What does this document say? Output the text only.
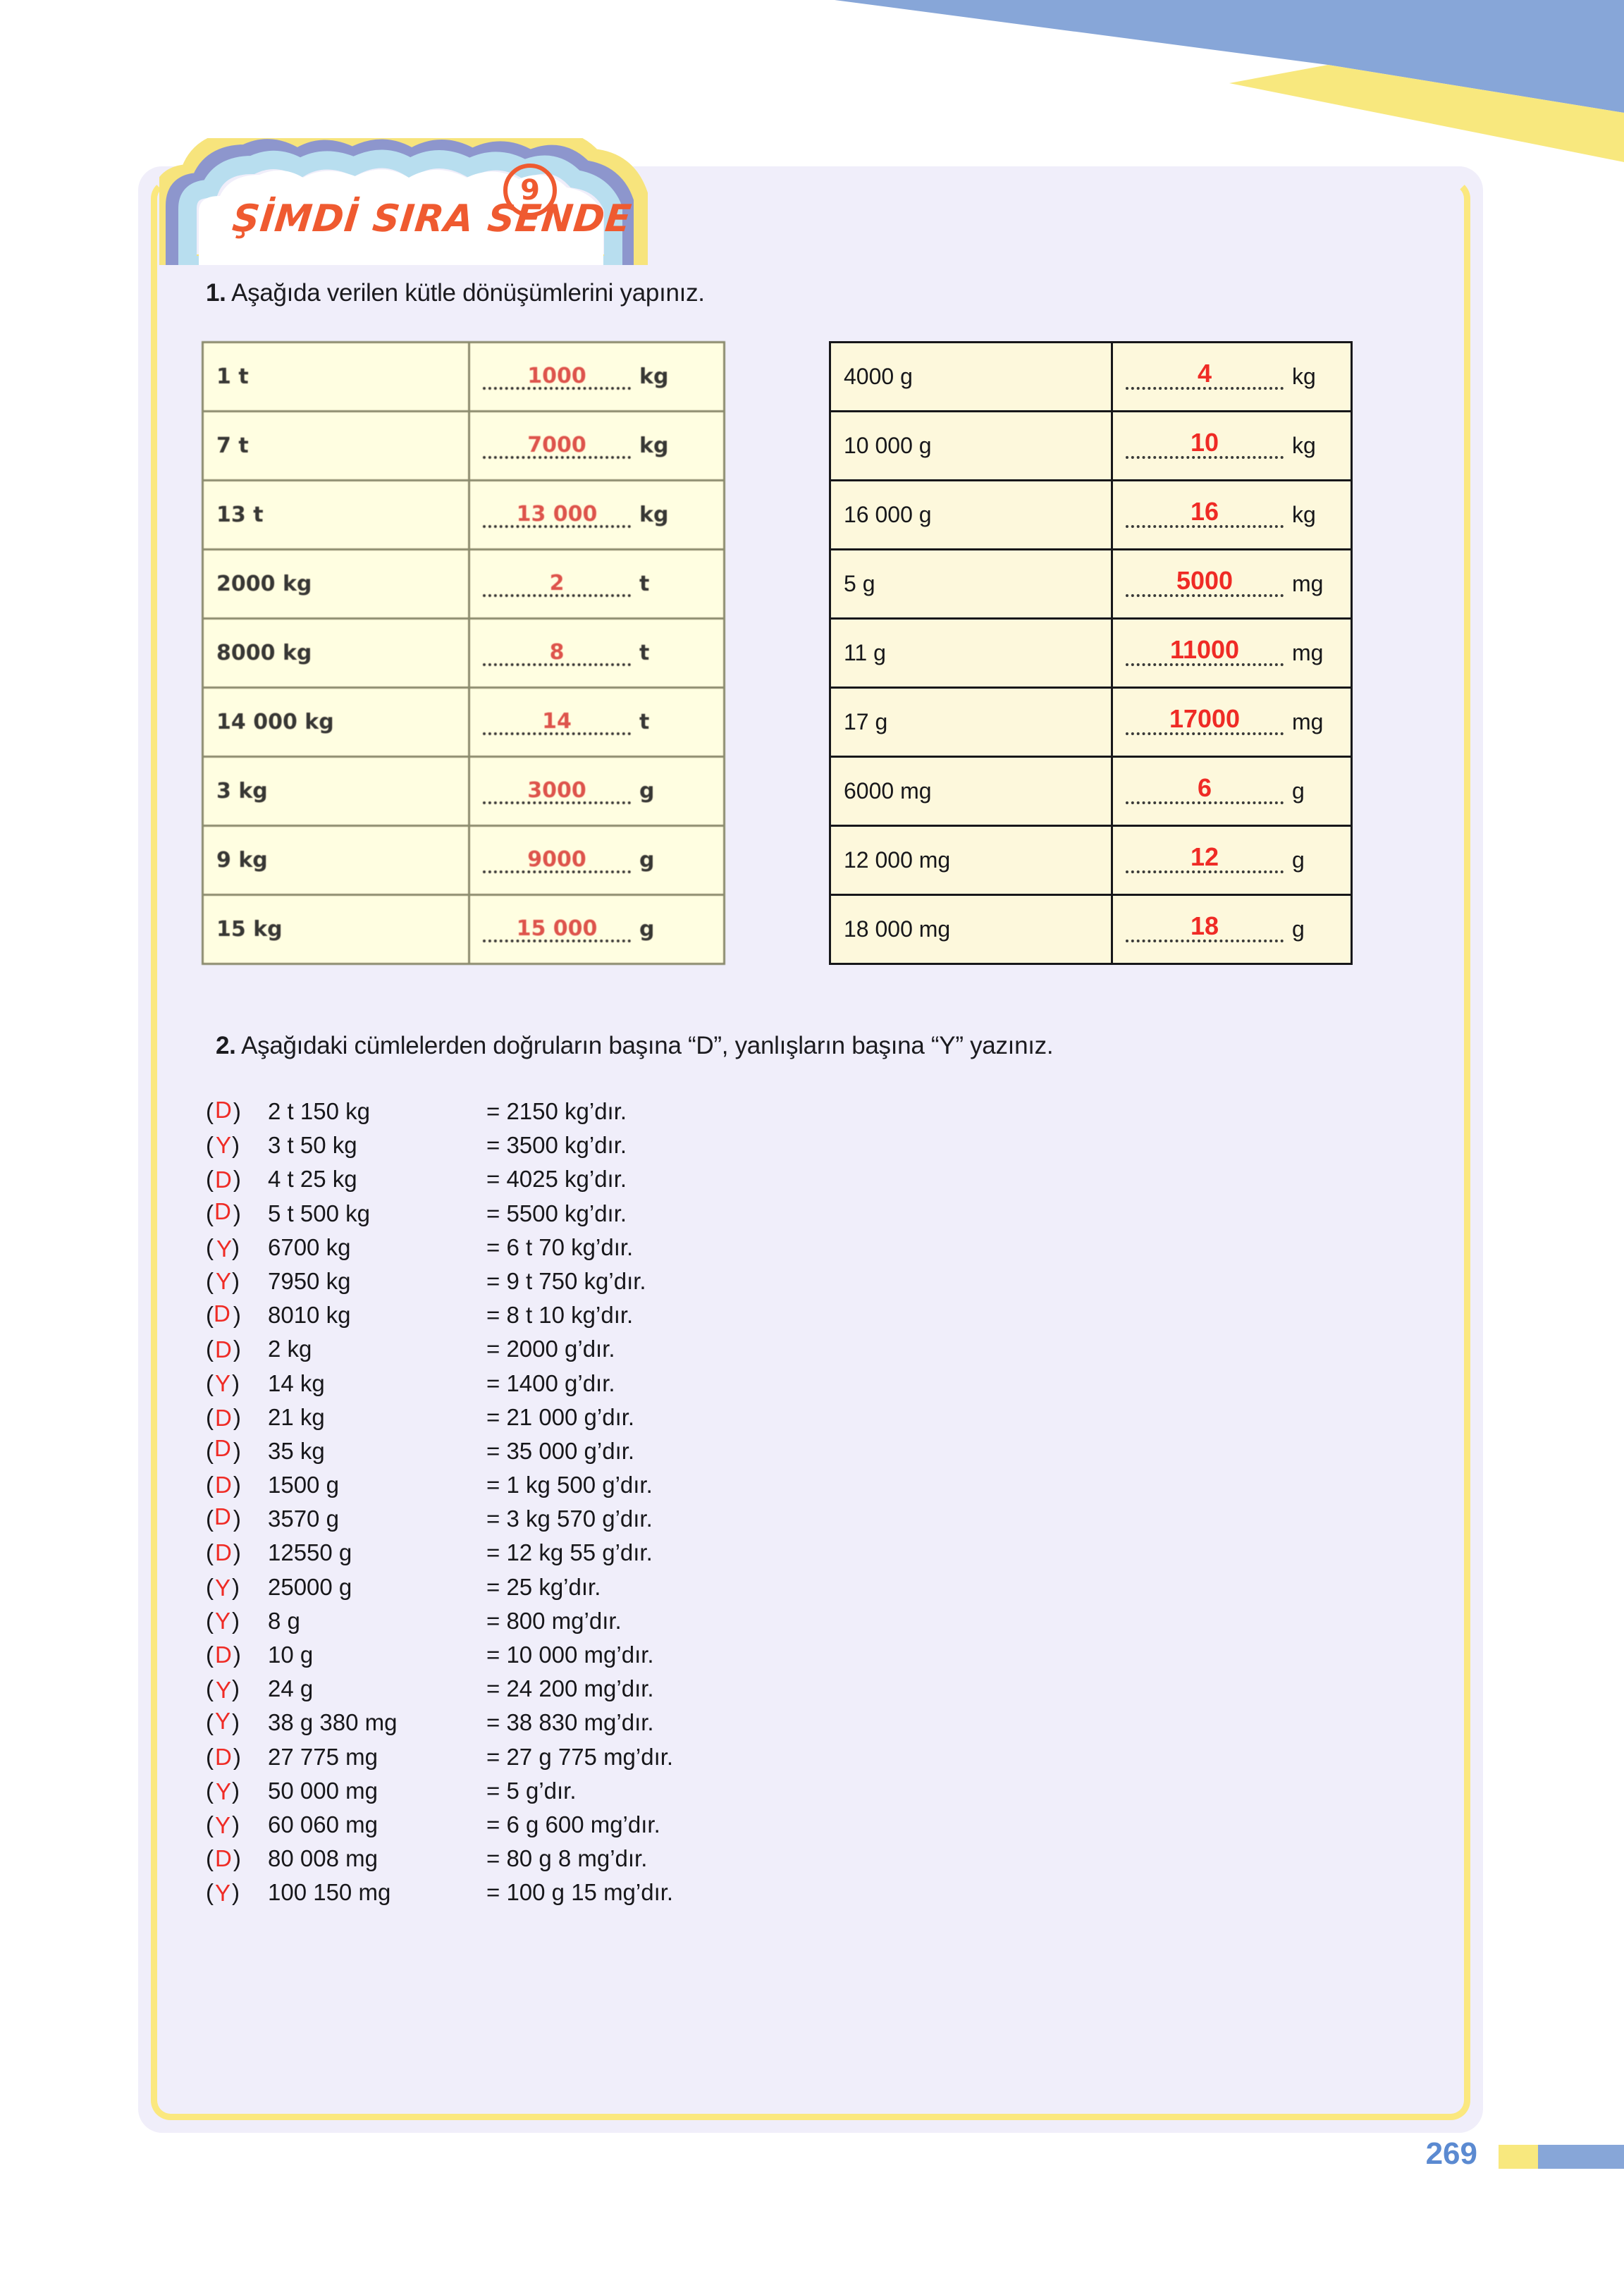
ŞİMDİ SIRA SENDE
9
1. Aşağıda verilen kütle dönüşümlerini yapınız.
1 t	1000 kg
7 t	7000 kg
13 t	13 000 kg
2000 kg	2 t
8000 kg	8 t
14 000 kg	14 t
3 kg	3000 g
9 kg	9000 g
15 kg	15 000 g
4000 g	4 kg
10 000 g	10 kg
16 000 g	16 kg
5 g	5000 mg
11 g	11000 mg
17 g	17000 mg
6000 mg	6 g
12 000 mg	12 g
18 000 mg	18 g
2. Aşağıdaki cümlelerden doğruların başına “D”, yanlışların başına “Y” yazınız.
(D)	2 t 150 kg	= 2150 kg’dır.
(Y)	3 t 50 kg	= 3500 kg’dır.
(D)	4 t 25 kg	= 4025 kg’dır.
(D)	5 t 500 kg	= 5500 kg’dır.
( Y)	6700 kg	= 6 t 70 kg’dır.
(Y)	7950 kg	= 9 t 750 kg’dır.
(D )	8010 kg	= 8 t 10 kg’dır.
(D)	2 kg	= 2000 g’dır.
(Y)	14 kg	= 1400 g’dır.
(D)	21 kg	= 21 000 g’dır.
(D)	35 kg	= 35 000 g’dır.
(D)	1500 g	= 1 kg 500 g’dır.
(D)	3570 g	= 3 kg 570 g’dır.
(D)	12550 g	= 12 kg 55 g’dır.
(Y)	25000 g	= 25 kg’dır.
(Y)	8 g	= 800 mg’dır.
(D)	10 g	= 10 000 mg’dır.
(Y)	24 g	= 24 200 mg’dır.
(Y)	38 g 380 mg	= 38 830 mg’dır.
(D)	27 775 mg	= 27 g 775 mg’dır.
(Y)	50 000 mg	= 5 g’dır.
(Y)	60 060 mg	= 6 g 600 mg’dır.
(D)	80 008 mg	= 80 g 8 mg’dır.
(Y)	100 150 mg	= 100 g 15 mg’dır.
269
